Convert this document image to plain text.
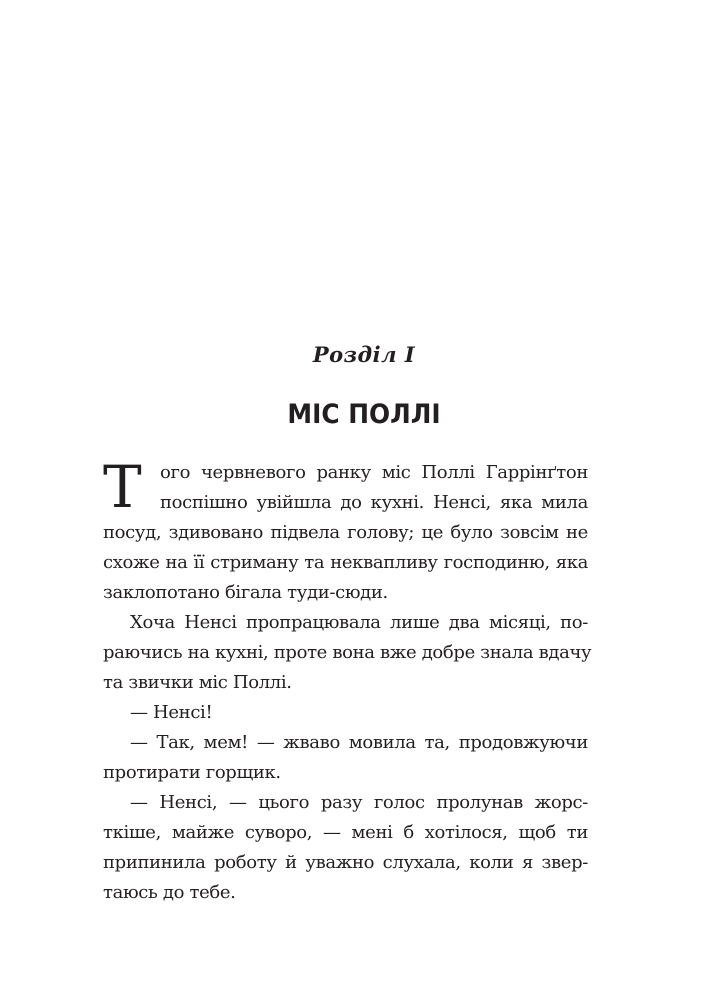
Розділ I
МІС ПОЛЛІ
Т ого червневого ранку міс Поллі Гаррінґтон
поспішно увійшла до кухні. Ненсі, яка мила
посуд, здивовано підвела голову; це було зовсім не
схоже на її стриману та неквапливу господиню, яка
заклопотано бігала туди-сюди.
Хоча Ненсі пропрацювала лише два місяці, по-
раючись на кухні, проте вона вже добре знала вдачу
та звички міс Поллі.
— Ненсі!
— Так, мем! — жваво мовила та, продовжуючи
протирати горщик.
— Ненсі, — цього разу голос пролунав жорс-
ткіше, майже суворо, — мені б хотілося, щоб ти
припинила роботу й уважно слухала, коли я звер-
таюсь до тебе.
